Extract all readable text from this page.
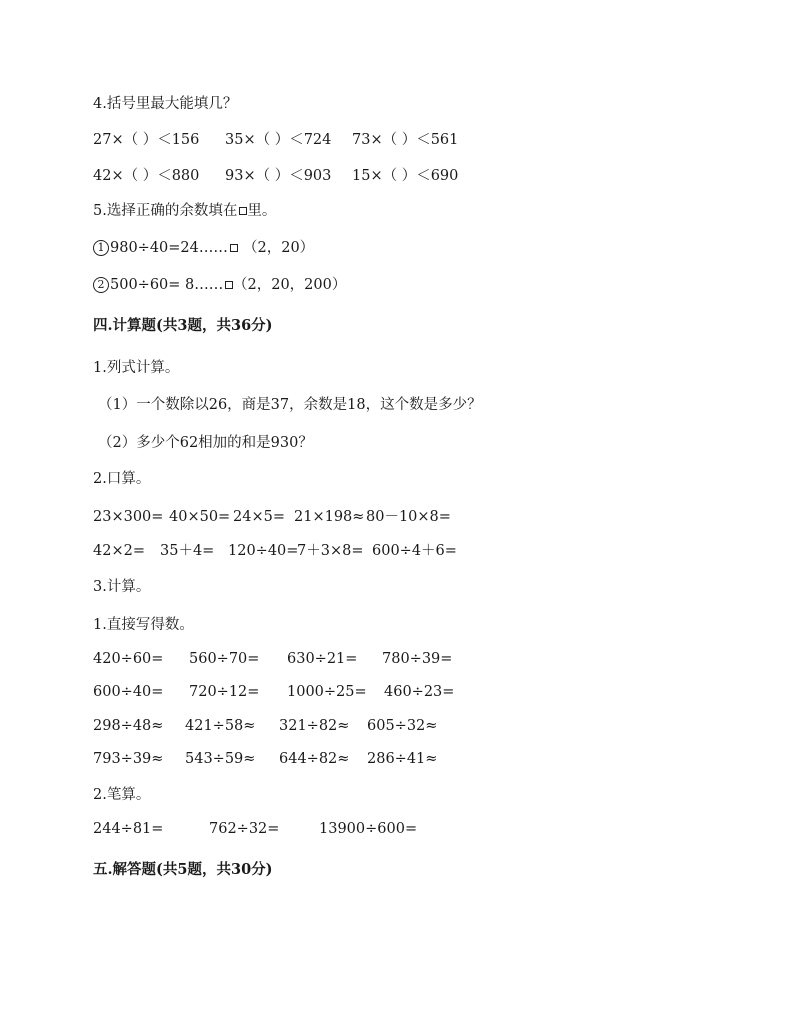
4.括号里最大能填几？
27×（ ）＜156 35×（ ）＜724 73×（ ）＜561
42×（ ）＜880 93×（ ）＜903 15×（ ）＜690
5.选择正确的余数填在 里。
1 980÷40=24…… （2，20）
2 500÷60= 8…… （2，20，200）
四.计算题(共3题，共36分)
1.列式计算。
（1）一个数除以26，商是37，余数是18，这个数是多少？
（2）多少个62相加的和是930？
2.口算。
23×300= 40×50= 24×5= 21×198≈ 80－10×8=
42×2= 35＋4= 120÷40=
7＋3×8= 600÷4＋6=
3.计算。
1.直接写得数。
420÷60= 560÷70= 630÷21= 780÷39=
600÷40= 720÷12= 1000÷25= 460÷23=
298÷48≈ 421÷58≈ 321÷82≈ 605÷32≈
793÷39≈ 543÷59≈ 644÷82≈ 286÷41≈
2.笔算。
244÷81=	762÷32=	13900÷600=
五.解答题(共5题，共30分)
